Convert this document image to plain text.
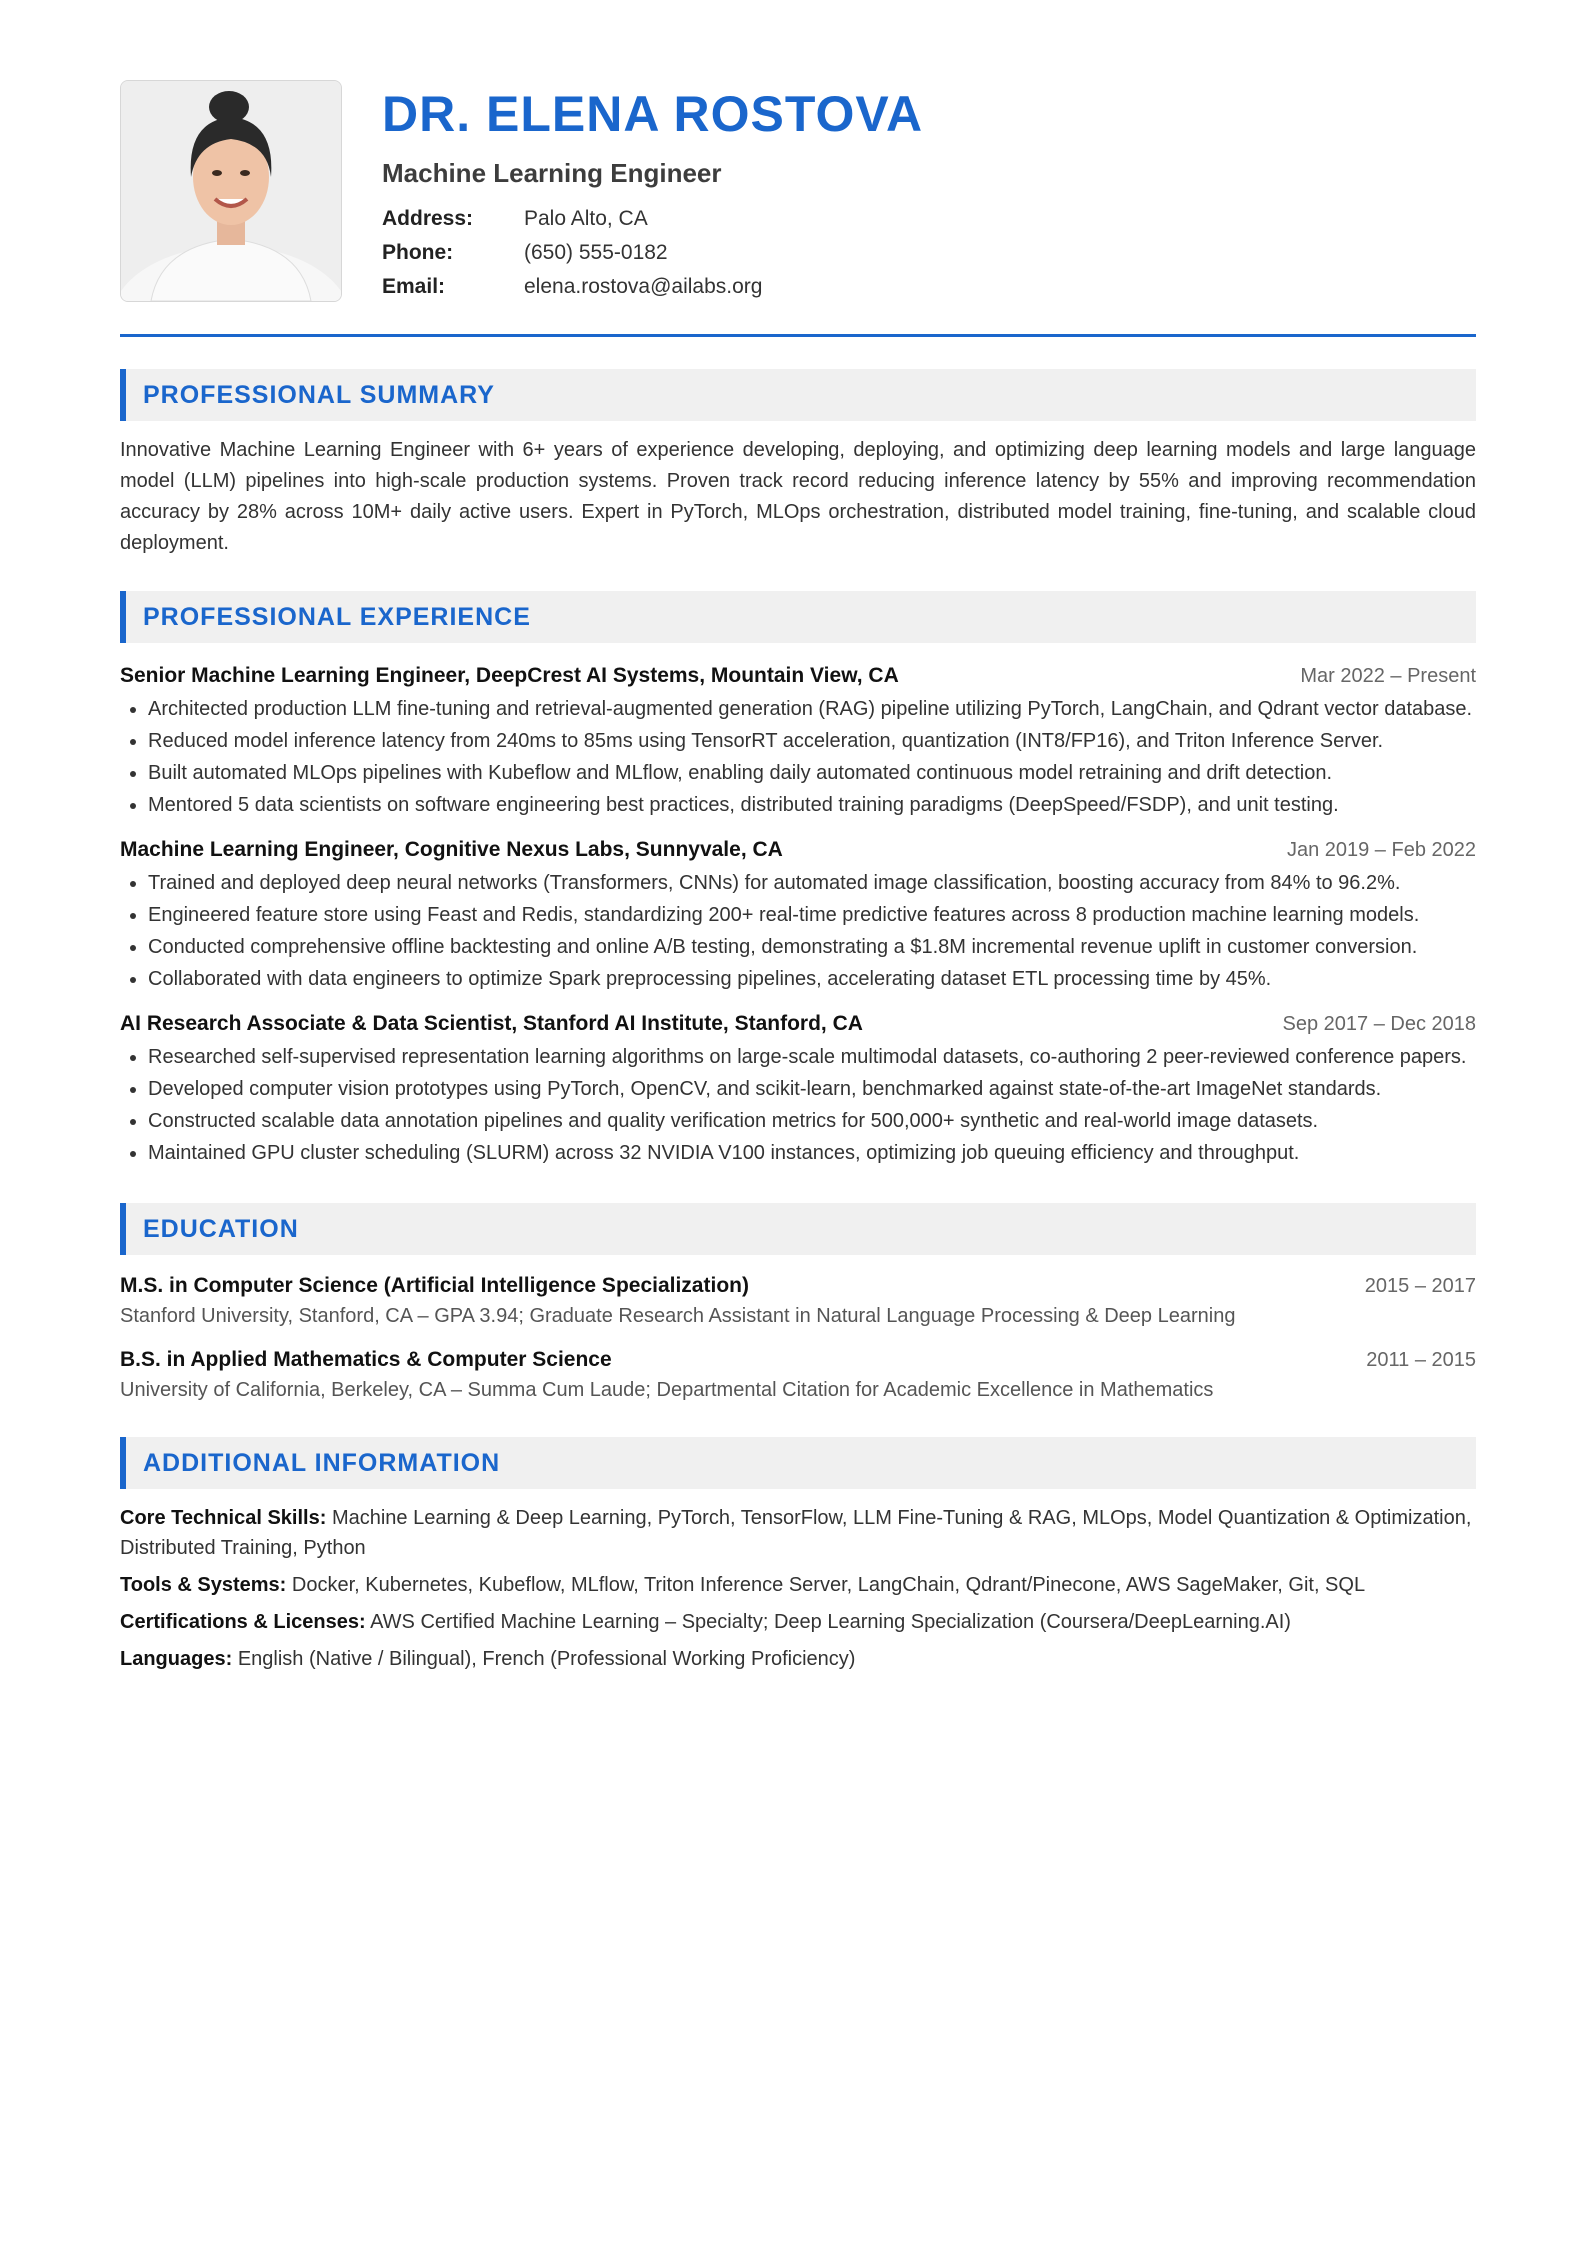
DR. ELENA ROSTOVA
Machine Learning Engineer
Address:	Palo Alto, CA
Phone:	(650) 555-0182
Email:	elena.rostova@ailabs.org
PROFESSIONAL SUMMARY
Innovative Machine Learning Engineer with 6+ years of experience developing, deploying, and optimizing deep learning models and large language model (LLM) pipelines into high-scale production systems. Proven track record reducing inference latency by 55% and improving recommendation accuracy by 28% across 10M+ daily active users. Expert in PyTorch, MLOps orchestration, distributed model training, fine-tuning, and scalable cloud deployment.
PROFESSIONAL EXPERIENCE
Senior Machine Learning Engineer, DeepCrest AI Systems, Mountain View, CA	Mar 2022 – Present
• Architected production LLM fine-tuning and retrieval-augmented generation (RAG) pipeline utilizing PyTorch, LangChain, and Qdrant vector database.
• Reduced model inference latency from 240ms to 85ms using TensorRT acceleration, quantization (INT8/FP16), and Triton Inference Server.
• Built automated MLOps pipelines with Kubeflow and MLflow, enabling daily automated continuous model retraining and drift detection.
• Mentored 5 data scientists on software engineering best practices, distributed training paradigms (DeepSpeed/FSDP), and unit testing.
Machine Learning Engineer, Cognitive Nexus Labs, Sunnyvale, CA	Jan 2019 – Feb 2022
• Trained and deployed deep neural networks (Transformers, CNNs) for automated image classification, boosting accuracy from 84% to 96.2%.
• Engineered feature store using Feast and Redis, standardizing 200+ real-time predictive features across 8 production machine learning models.
• Conducted comprehensive offline backtesting and online A/B testing, demonstrating a $1.8M incremental revenue uplift in customer conversion.
• Collaborated with data engineers to optimize Spark preprocessing pipelines, accelerating dataset ETL processing time by 45%.
AI Research Associate & Data Scientist, Stanford AI Institute, Stanford, CA	Sep 2017 – Dec 2018
• Researched self-supervised representation learning algorithms on large-scale multimodal datasets, co-authoring 2 peer-reviewed conference papers.
• Developed computer vision prototypes using PyTorch, OpenCV, and scikit-learn, benchmarked against state-of-the-art ImageNet standards.
• Constructed scalable data annotation pipelines and quality verification metrics for 500,000+ synthetic and real-world image datasets.
• Maintained GPU cluster scheduling (SLURM) across 32 NVIDIA V100 instances, optimizing job queuing efficiency and throughput.
EDUCATION
M.S. in Computer Science (Artificial Intelligence Specialization)	2015 – 2017
Stanford University, Stanford, CA – GPA 3.94; Graduate Research Assistant in Natural Language Processing & Deep Learning
B.S. in Applied Mathematics & Computer Science	2011 – 2015
University of California, Berkeley, CA – Summa Cum Laude; Departmental Citation for Academic Excellence in Mathematics
ADDITIONAL INFORMATION
Core Technical Skills: Machine Learning & Deep Learning, PyTorch, TensorFlow, LLM Fine-Tuning & RAG, MLOps, Model Quantization & Optimization, Distributed Training, Python
Tools & Systems: Docker, Kubernetes, Kubeflow, MLflow, Triton Inference Server, LangChain, Qdrant/Pinecone, AWS SageMaker, Git, SQL
Certifications & Licenses: AWS Certified Machine Learning – Specialty; Deep Learning Specialization (Coursera/DeepLearning.AI)
Languages: English (Native / Bilingual), French (Professional Working Proficiency)
